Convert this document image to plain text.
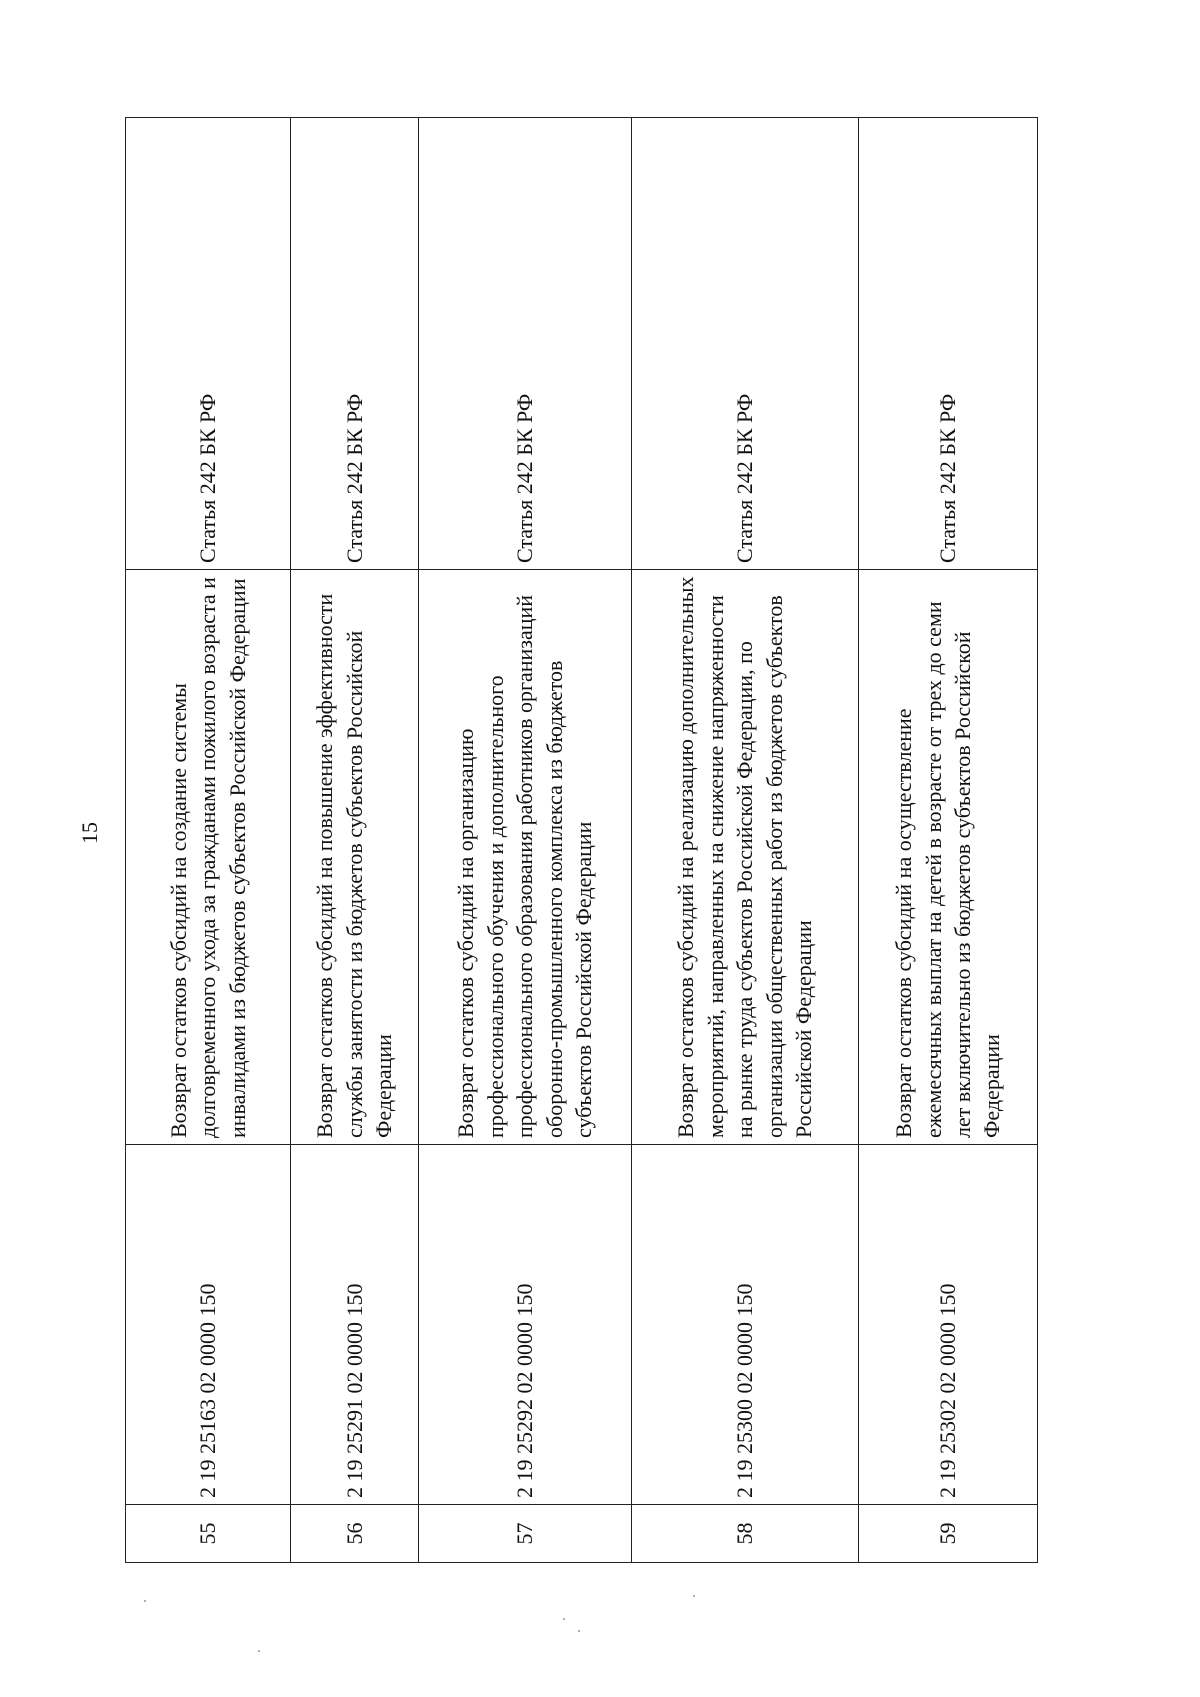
15
55	2 19 25163 02 0000 150	Возврат остатков субсидий на создание системы долговременного ухода за гражданами пожилого возраста и инвалидами из бюджетов субъектов Российской Федерации	Статья 242 БК РФ
56	2 19 25291 02 0000 150	Возврат остатков субсидий на повышение эффективности службы занятости из бюджетов субъектов Российской Федерации	Статья 242 БК РФ
57	2 19 25292 02 0000 150	Возврат остатков субсидий на организацию профессионального обучения и дополнительного профессионального образования работников организаций оборонно-промышленного комплекса из бюджетов субъектов Российской Федерации	Статья 242 БК РФ
58	2 19 25300 02 0000 150	Возврат остатков субсидий на реализацию дополнительных мероприятий, направленных на снижение напряженности на рынке труда субъектов Российской Федерации, по организации общественных работ из бюджетов субъектов Российской Федерации	Статья 242 БК РФ
59	2 19 25302 02 0000 150	Возврат остатков субсидий на осуществление ежемесячных выплат на детей в возрасте от трех до семи лет включительно из бюджетов субъектов Российской Федерации	Статья 242 БК РФ
